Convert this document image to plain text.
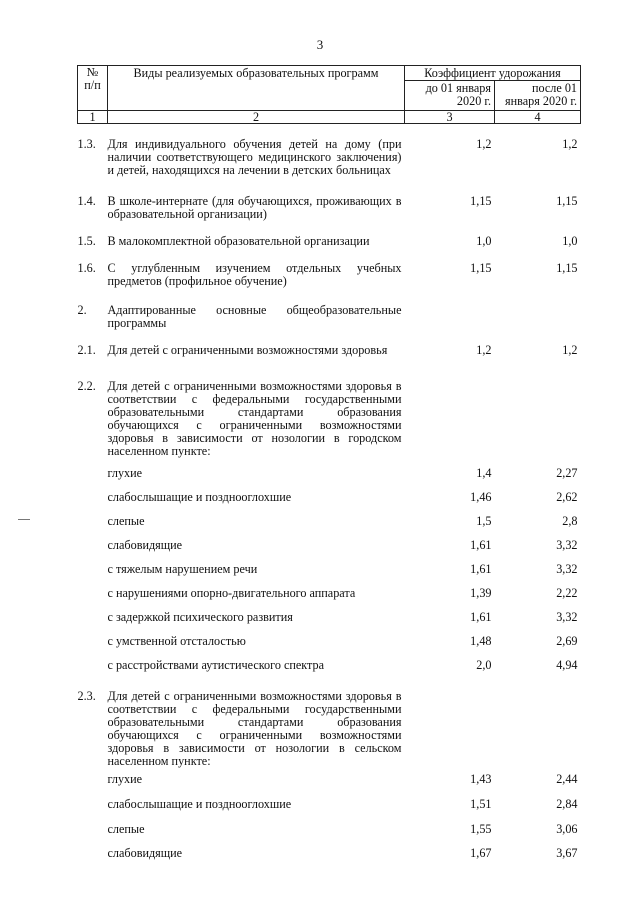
3
№ п/п	Виды реализуемых образовательных программ	Коэффициент удорожания	
		до 01 января 2020 г.	после 01 января 2020 г.
1	2	3	4
1.3.	Для индивидуального обучения детей на дому (при наличии соответствующего медицинского заключения) и детей, находящихся на лечении в детских больницах	1,2	1,2
1.4.	В школе-интернате (для обучающихся, проживающих в образовательной организации)	1,15	1,15
1.5.	В малокомплектной образовательной организации	1,0	1,0
1.6.	С углубленным изучением отдельных учебных предметов (профильное обучение)	1,15	1,15
2.	Адаптированные основные общеобразовательные программы		
2.1.	Для детей с ограниченными возможностями здоровья	1,2	1,2
2.2.	Для детей с ограниченными возможностями здоровья в соответствии с федеральными государственными образовательными стандартами образования обучающихся с ограниченными возможностями здоровья в зависимости от нозологии в городском населенном пункте:		
	глухие	1,4	2,27
	слабослышащие и позднооглохшие	1,46	2,62
	слепые	1,5	2,8
	слабовидящие	1,61	3,32
	с тяжелым нарушением речи	1,61	3,32
	с нарушениями опорно-двигательного аппарата	1,39	2,22
	с задержкой психического развития	1,61	3,32
	с умственной отсталостью	1,48	2,69
	с расстройствами аутистического спектра	2,0	4,94
2.3.	Для детей с ограниченными возможностями здоровья в соответствии с федеральными государственными образовательными стандартами образования обучающихся с ограниченными возможностями здоровья в зависимости от нозологии в сельском населенном пункте:		
	глухие	1,43	2,44
	слабослышащие и позднооглохшие	1,51	2,84
	слепые	1,55	3,06
	слабовидящие	1,67	3,67
